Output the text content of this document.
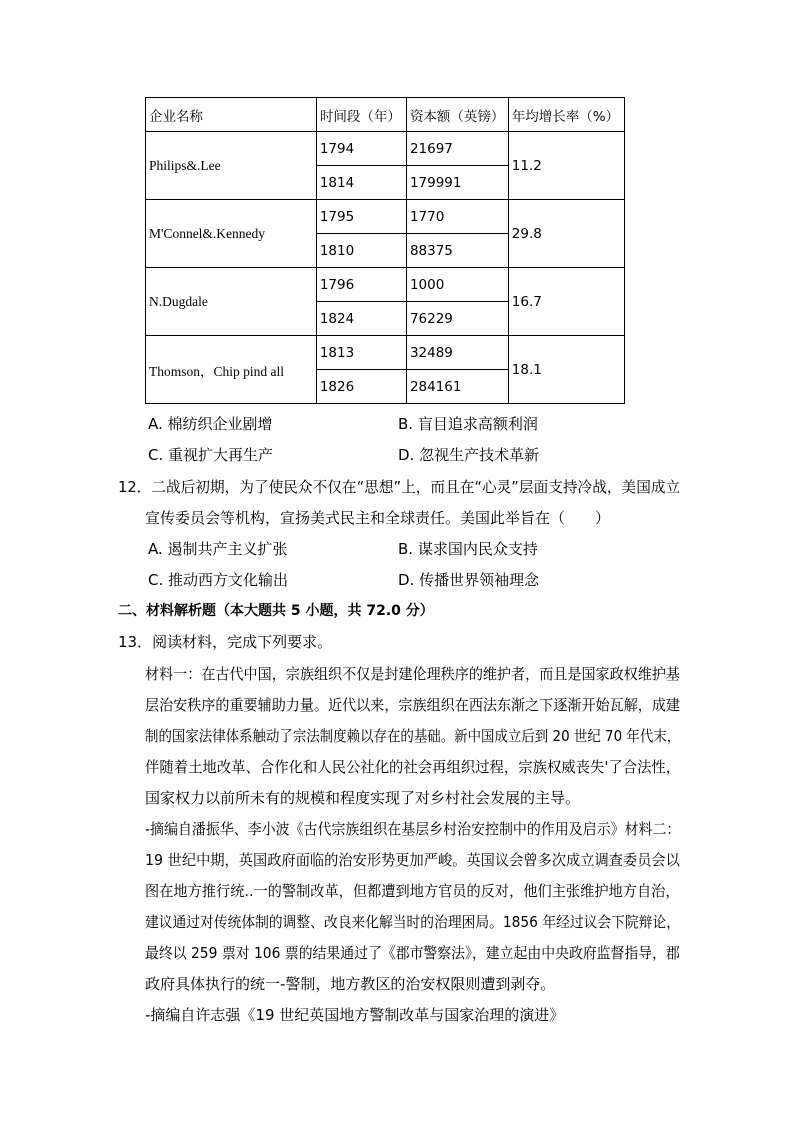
企业名称	时间段（年）	资本额（英镑）	年均增长率（%）
Philips&.Lee	1794	21697	11.2
	1814	179991	
M'Connel&.Kennedy	1795	1770	29.8
	1810	88375	
N.Dugdale	1796	1000	16.7
	1824	76229	
Thomson，Chip pind all	1813	32489	18.1
	1826	284161	
A. 棉纺织企业剧增	B. 盲目追求高额利润
C. 重视扩大再生产	D. 忽视生产技术革新
12．二战后初期，为了使民众不仅在“思想”上，而且在“心灵”层面支持冷战，美国成立
宣传委员会等机构，宣扬美式民主和全球责任。美国此举旨在（　　）
A. 遏制共产主义扩张	B. 谋求国内民众支持
C. 推动西方文化输出	D. 传播世界领袖理念
二、材料解析题（本大题共 5 小题，共 72.0 分）
13．阅读材料，完成下列要求。
材料一：在古代中国，宗族组织不仅是封建伦理秩序的维护者，而且是国家政权维护基
层治安秩序的重要辅助力量。近代以来，宗族组织在西法东渐之下逐渐开始瓦解，成建
制的国家法律体系触动了宗法制度赖以存在的基础。新中国成立后到 20 世纪 70 年代末，
伴随着土地改革、合作化和人民公社化的社会再组织过程，宗族权威丧失'了合法性，
国家权力以前所未有的规模和程度实现了对乡村社会发展的主导。
-摘编自潘振华、李小波《古代宗族组织在基层乡村治安控制中的作用及启示》材料二：
19 世纪中期，英国政府面临的治安形势更加严峻。英国议会曾多次成立调查委员会以
图在地方推行统..一的警制改革，但都遭到地方官员的反对，他们主张维护地方自治，
建议通过对传统体制的调整、改良来化解当时的治理困局。1856 年经过议会下院辩论，
最终以 259 票对 106 票的结果通过了《郡市警察法》，建立起由中央政府监督指导，郡
政府具体执行的统一-警制，地方教区的治安权限则遭到剥夺。
-摘编自许志强《19 世纪英国地方警制改革与国家治理的演进》
